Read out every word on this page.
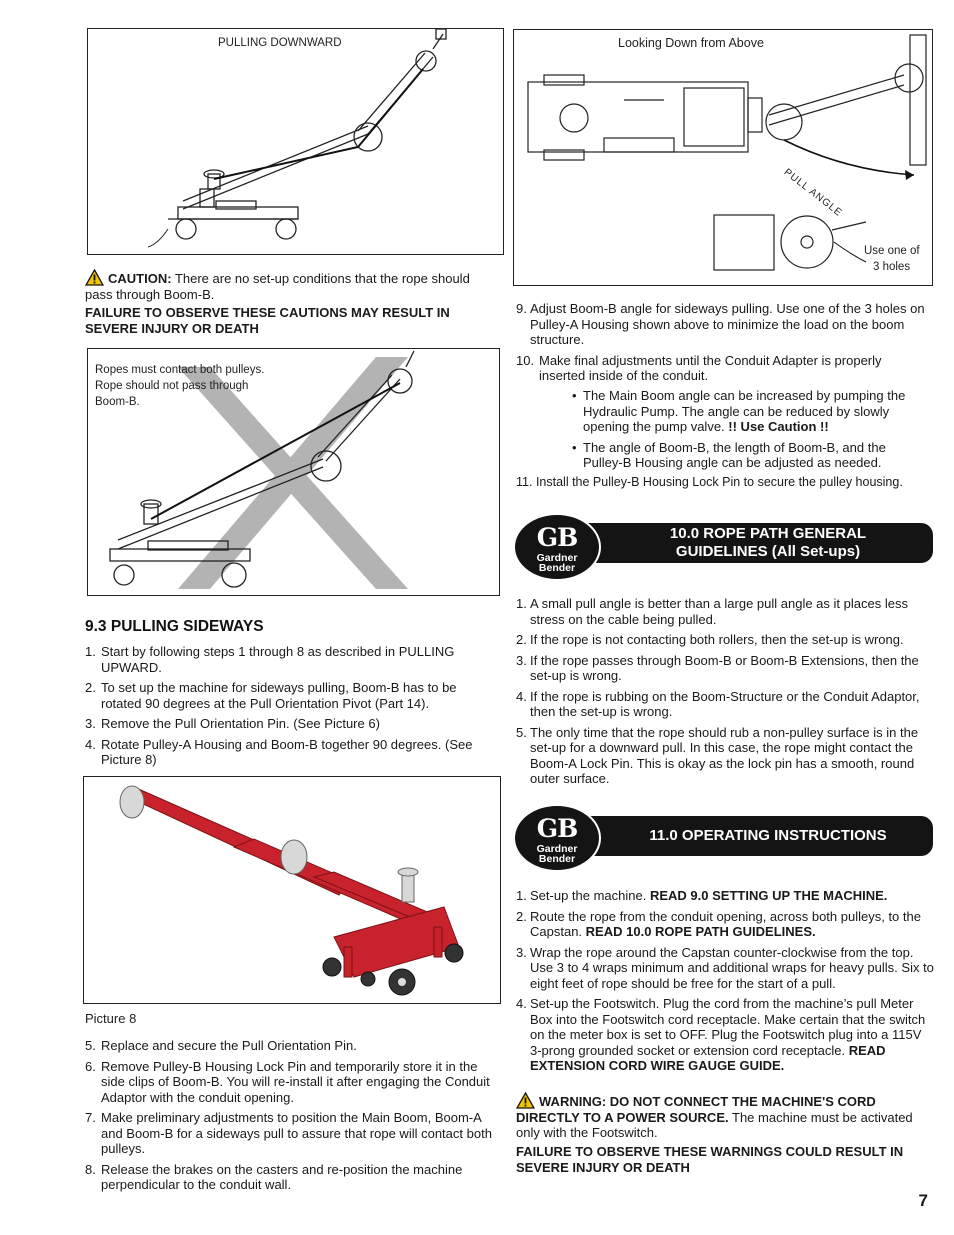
PULLING DOWNWARD
CAUTION: There are no set-up conditions that the rope should pass through Boom-B.
FAILURE TO OBSERVE THESE CAUTIONS MAY RESULT IN SEVERE INJURY OR DEATH
Ropes must contact both pulleys.
Rope should not pass through
Boom-B.
9.3 PULLING SIDEWAYS
1. Start by following steps 1 through 8 as described in PULLING UPWARD.
2. To set up the machine for sideways pulling, Boom-B has to be rotated 90 degrees at the Pull Orientation Pivot (Part 14).
3. Remove the Pull Orientation Pin. (See Picture 6)
4. Rotate Pulley-A Housing and Boom-B together 90 degrees. (See Picture 8)
Picture 8
5. Replace and secure the Pull Orientation Pin.
6. Remove Pulley-B Housing Lock Pin and temporarily store it in the side clips of Boom-B. You will re-install it after engaging the Conduit Adaptor with the conduit opening.
7. Make preliminary adjustments to position the Main Boom, Boom-A and Boom-B for a sideways pull to assure that rope will contact both pulleys.
8. Release the brakes on the casters and re-position the machine perpendicular to the conduit wall.
Looking Down from Above
PULL ANGLE
Use one of
3 holes
9. Adjust Boom-B angle for sideways pulling. Use one of the 3 holes on Pulley-A Housing shown above to minimize the load on the boom structure.
10. Make final adjustments until the Conduit Adapter is properly inserted inside of the conduit.
• The Main Boom angle can be increased by pumping the Hydraulic Pump. The angle can be reduced by slowly opening the pump valve. !! Use Caution !!
• The angle of Boom-B, the length of Boom-B, and the Pulley-B Housing angle can be adjusted as needed.
11. Install the Pulley-B Housing Lock Pin to secure the pulley housing.
10.0 ROPE PATH GENERAL
GUIDELINES (All Set-ups)
GB
Gardner
Bender
1. A small pull angle is better than a large pull angle as it places less stress on the cable being pulled.
2. If the rope is not contacting both rollers, then the set-up is wrong.
3. If the rope passes through Boom-B or Boom-B Extensions, then the set-up is wrong.
4. If the rope is rubbing on the Boom-Structure or the Conduit Adaptor, then the set-up is wrong.
5. The only time that the rope should rub a non-pulley surface is in the set-up for a downward pull. In this case, the rope might contact the Boom-A Lock Pin. This is okay as the lock pin has a smooth, round outer surface.
11.0 OPERATING INSTRUCTIONS
GB
Gardner
Bender
1. Set-up the machine. READ 9.0 SETTING UP THE MACHINE.
2. Route the rope from the conduit opening, across both pulleys, to the Capstan. READ 10.0 ROPE PATH GUIDELINES.
3. Wrap the rope around the Capstan counter-clockwise from the top. Use 3 to 4 wraps minimum and additional wraps for heavy pulls. Six to eight feet of rope should be free for the start of a pull.
4. Set-up the Footswitch. Plug the cord from the machine’s pull Meter Box into the Footswitch cord receptacle. Make certain that the switch on the meter box is set to OFF. Plug the Footswitch plug into a 115V 3-prong grounded socket or extension cord receptacle. READ EXTENSION CORD WIRE GAUGE GUIDE.
WARNING: DO NOT CONNECT THE MACHINE'S CORD DIRECTLY TO A POWER SOURCE. The machine must be activated only with the Footswitch.
FAILURE TO OBSERVE THESE WARNINGS COULD RESULT IN SEVERE INJURY OR DEATH
7
